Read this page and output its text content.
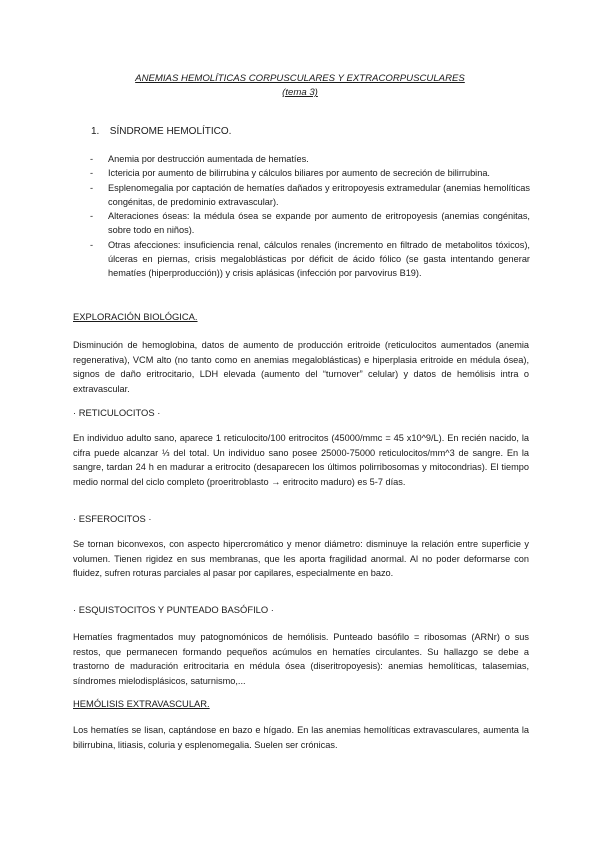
ANEMIAS HEMOLÍTICAS CORPUSCULARES Y EXTRACORPUSCULARES
(tema 3)
1. SÍNDROME HEMOLÍTICO.
- Anemia por destrucción aumentada de hematíes.
- Ictericia por aumento de bilirrubina y cálculos biliares por aumento de secreción de bilirrubina.
- Esplenomegalia por captación de hematíes dañados y eritropoyesis extramedular (anemias hemolíticas congénitas, de predominio extravascular).
- Alteraciones óseas: la médula ósea se expande por aumento de eritropoyesis (anemias congénitas, sobre todo en niños).
- Otras afecciones: insuficiencia renal, cálculos renales (incremento en filtrado de metabolitos tóxicos), úlceras en piernas, crisis megaloblásticas por déficit de ácido fólico (se gasta intentando generar hematíes (hiperproducción)) y crisis aplásicas (infección por parvovirus B19).

EXPLORACIÓN BIOLÓGICA.

Disminución de hemoglobina, datos de aumento de producción eritroide (reticulocitos aumentados (anemia regenerativa), VCM alto (no tanto como en anemias megaloblásticas) e hiperplasia eritroide en médula ósea), signos de daño eritrocitario, LDH elevada (aumento del “turnover” celular) y datos de hemólisis intra o extravascular.

· RETICULOCITOS ·

En individuo adulto sano, aparece 1 reticulocito/100 eritrocitos (45000/mmc = 45 x10^9/L). En recién nacido, la cifra puede alcanzar ⅓ del total. Un individuo sano posee 25000-75000 reticulocitos/mm^3 de sangre. En la sangre, tardan 24 h en madurar a eritrocito (desaparecen los últimos polirribosomas y mitocondrias). El tiempo medio normal del ciclo completo (proeritroblasto → eritrocito maduro) es 5-7 días.

· ESFEROCITOS ·

Se tornan biconvexos, con aspecto hipercromático y menor diámetro: disminuye la relación entre superficie y volumen. Tienen rigidez en sus membranas, que les aporta fragilidad anormal. Al no poder deformarse con fluidez, sufren roturas parciales al pasar por capilares, especialmente en bazo.

· ESQUISTOCITOS Y PUNTEADO BASÓFILO ·

Hematíes fragmentados muy patognomónicos de hemólisis. Punteado basófilo = ribosomas (ARNr) o sus restos, que permanecen formando pequeños acúmulos en hematíes circulantes. Su hallazgo se debe a trastorno de maduración eritrocitaria en médula ósea (diseritropoyesis): anemias hemolíticas, talasemias, síndromes mielodisplásicos, saturnismo,...

HEMÓLISIS EXTRAVASCULAR.

Los hematíes se lisan, captándose en bazo e hígado. En las anemias hemolíticas extravasculares, aumenta la bilirrubina, litiasis, coluria y esplenomegalia. Suelen ser crónicas.
